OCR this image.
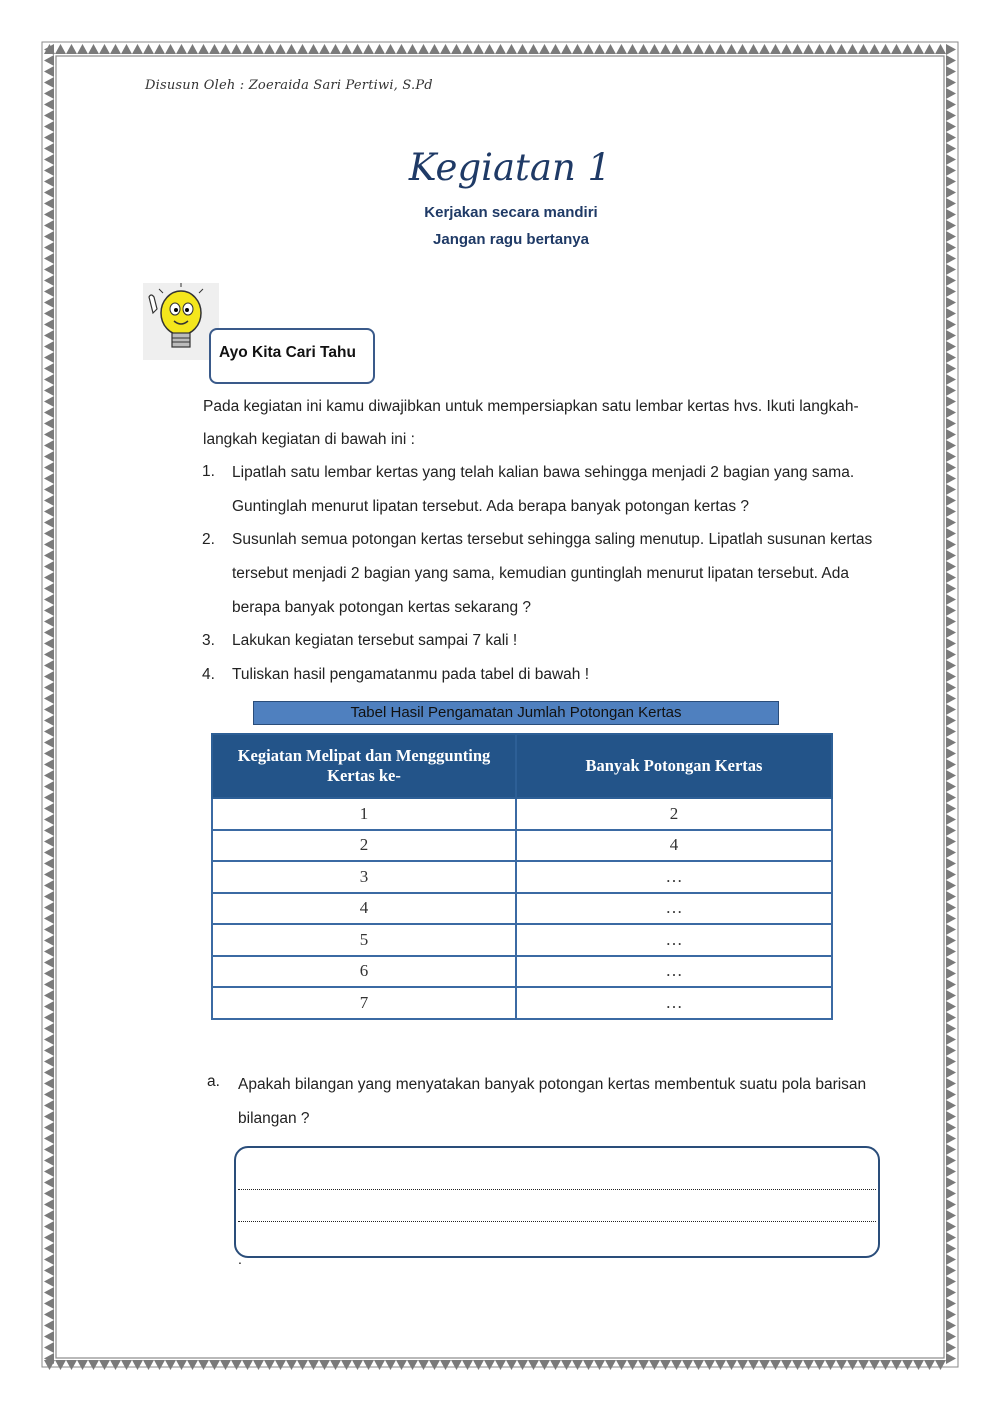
Disusun Oleh : Zoeraida Sari Pertiwi, S.Pd
Kegiatan 1
Kerjakan secara mandiri
Jangan ragu bertanya
Ayo Kita Cari Tahu
Pada kegiatan ini kamu diwajibkan untuk mempersiapkan satu lembar kertas hvs. Ikuti langkah-langkah kegiatan di bawah ini :
1. Lipatlah satu lembar kertas yang telah kalian bawa sehingga menjadi 2 bagian yang sama. Guntinglah menurut lipatan tersebut. Ada berapa banyak potongan kertas ?
2. Susunlah semua potongan kertas tersebut sehingga saling menutup. Lipatlah susunan kertas tersebut menjadi 2 bagian yang sama, kemudian guntinglah menurut lipatan tersebut. Ada berapa banyak potongan kertas sekarang ?
3. Lakukan kegiatan tersebut sampai 7 kali !
4. Tuliskan hasil pengamatanmu pada tabel di bawah !
Tabel Hasil Pengamatan Jumlah Potongan Kertas
Kegiatan Melipat dan Menggunting Kertas ke-	Banyak Potongan Kertas
1	2
2	4
3	…
4	…
5	…
6	…
7	…
a. Apakah bilangan yang menyatakan banyak potongan kertas membentuk suatu pola barisan bilangan ?
.
